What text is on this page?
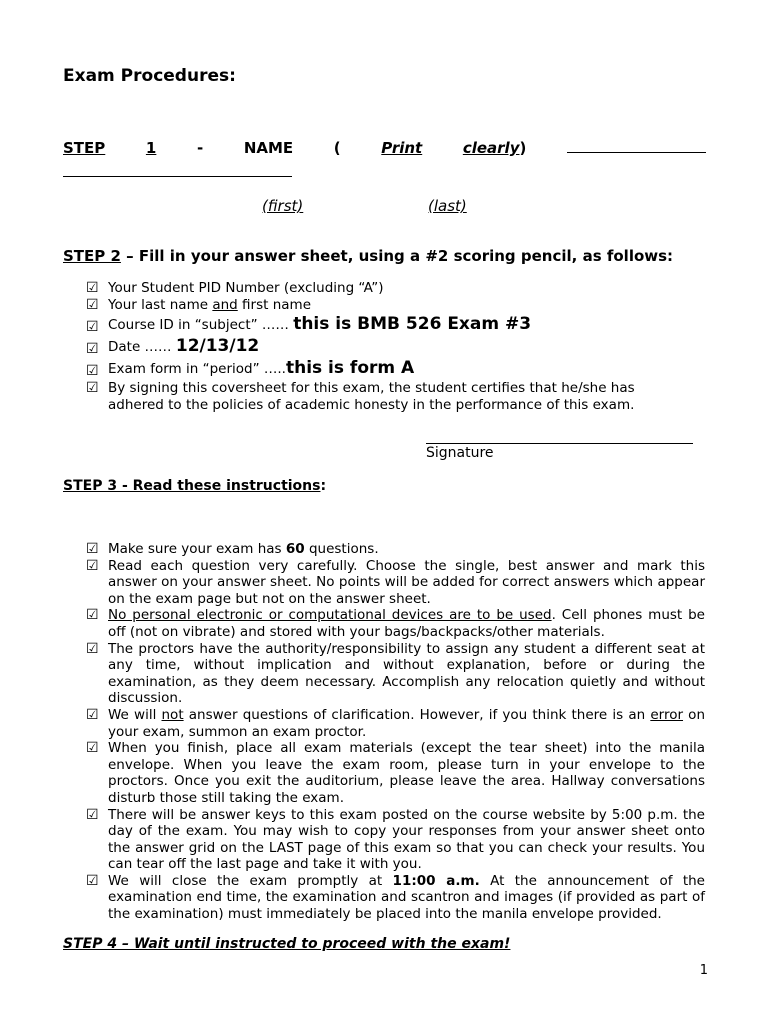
Exam Procedures:
STEP	1	-	NAME	(	Print	clearly)
(first)	(last)
STEP 2 – Fill in your answer sheet, using a #2 scoring pencil, as follows:
☑ Your Student PID Number (excluding “A”)
☑ Your last name and first name
☑ Course ID in “subject” …… this is BMB 526 Exam #3
☑ Date …… 12/13/12
☑ Exam form in “period” …..this is form A
☑ By signing this coversheet for this exam, the student certifies that he/she has adhered to the policies of academic honesty in the performance of this exam.
Signature
STEP 3 - Read these instructions:
☑ Make sure your exam has 60 questions.
☑ Read each question very carefully. Choose the single, best answer and mark this answer on your answer sheet. No points will be added for correct answers which appear on the exam page but not on the answer sheet.
☑ No personal electronic or computational devices are to be used. Cell phones must be off (not on vibrate) and stored with your bags/backpacks/other materials.
☑ The proctors have the authority/responsibility to assign any student a different seat at any time, without implication and without explanation, before or during the examination, as they deem necessary. Accomplish any relocation quietly and without discussion.
☑ We will not answer questions of clarification. However, if you think there is an error on your exam, summon an exam proctor.
☑ When you finish, place all exam materials (except the tear sheet) into the manila envelope. When you leave the exam room, please turn in your envelope to the proctors. Once you exit the auditorium, please leave the area. Hallway conversations disturb those still taking the exam.
☑ There will be answer keys to this exam posted on the course website by 5:00 p.m. the day of the exam. You may wish to copy your responses from your answer sheet onto the answer grid on the LAST page of this exam so that you can check your results. You can tear off the last page and take it with you.
☑ We will close the exam promptly at 11:00 a.m. At the announcement of the examination end time, the examination and scantron and images (if provided as part of the examination) must immediately be placed into the manila envelope provided.
STEP 4 – Wait until instructed to proceed with the exam!
1
